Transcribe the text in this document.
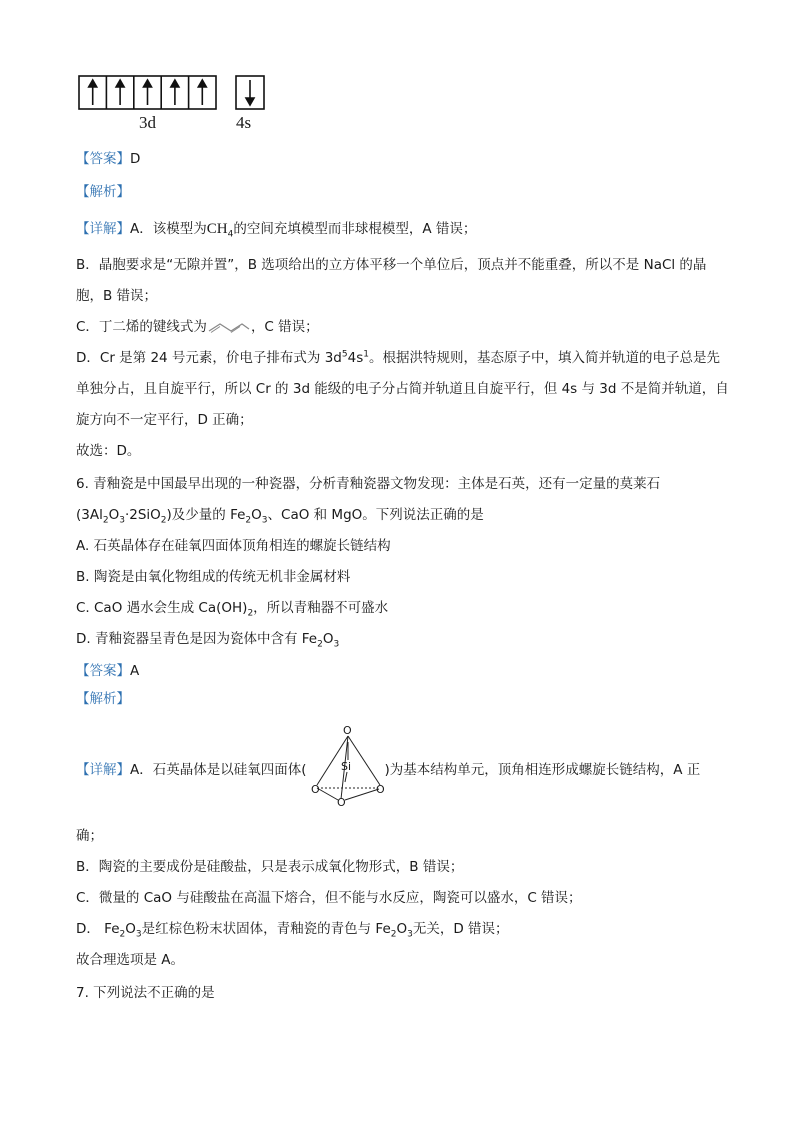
3d	4s
【答案】D
【解析】
【详解】A．该模型为$CH_4$的空间充填模型而非球棍模型，A 错误；
B．晶胞要求是“无隙并置”，B 选项给出的立方体平移一个单位后，顶点并不能重叠，所以不是 NaCl 的晶
胞，B 错误；
C．丁二烯的键线式为	，C 错误；
D．Cr 是第 24 号元素，价电子排布式为 $3d^54s^1$。根据洪特规则，基态原子中，填入简并轨道的电子总是先
单独分占，且自旋平行，所以 Cr 的 3d 能级的电子分占简并轨道且自旋平行，但 4s 与 3d 不是简并轨道，自
旋方向不一定平行，D 正确；
故选：D。
6. 青釉瓷是中国最早出现的一种瓷器，分析青釉瓷器文物发现：主体是石英，还有一定量的莫莱石
$(3Al_2O_3\cdot 2SiO_2)$及少量的 $Fe_2O_3$、CaO 和 MgO。下列说法正确的是
A. 石英晶体存在硅氧四面体顶角相连的螺旋长链结构
B. 陶瓷是由氧化物组成的传统无机非金属材料
C. CaO 遇水会生成 $Ca(OH)_2$，所以青釉器不可盛水
D. 青釉瓷器呈青色是因为瓷体中含有 $Fe_2O_3$
【答案】A
【解析】
【详解】A．石英晶体是以硅氧四面体(	)为基本结构单元，顶角相连形成螺旋长链结构，A 正
O
Si
O	O
O
确；
B．陶瓷的主要成份是硅酸盐，只是表示成氧化物形式，B 错误；
C．微量的 CaO 与硅酸盐在高温下熔合，但不能与水反应，陶瓷可以盛水，C 错误；
D． $Fe_2O_3$是红棕色粉末状固体，青釉瓷的青色与 $Fe_2O_3$无关，D 错误；
故合理选项是 A。
7. 下列说法不正确的是
